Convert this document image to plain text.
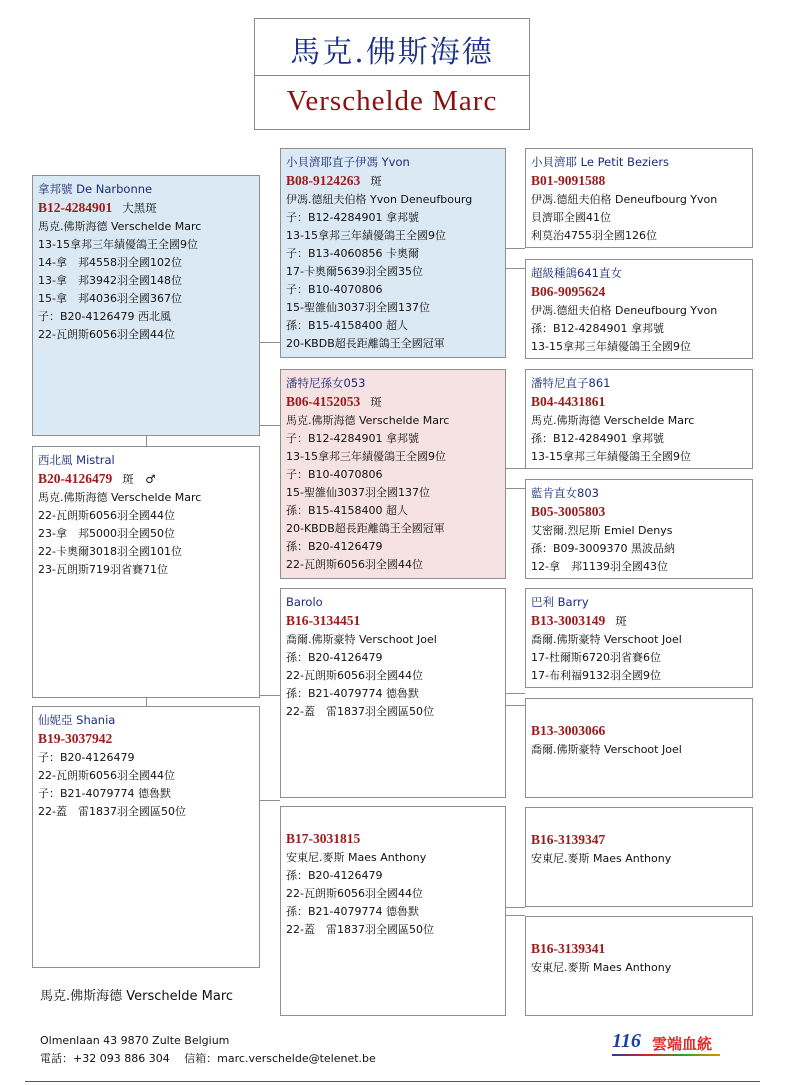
馬克.佛斯海德
Verschelde Marc
拿邦號 De Narbonne
B12-4284901 大黑斑
馬克.佛斯海德 Verschelde Marc
13-15拿邦三年績優鴿王全國9位
14-拿　邦4558羽全國102位
13-拿　邦3942羽全國148位
15-拿　邦4036羽全國367位
子：B20-4126479 西北風
22-瓦朗斯6056羽全國44位
西北風 Mistral
B20-4126479 斑　♂
馬克.佛斯海德 Verschelde Marc
22-瓦朗斯6056羽全國44位
23-拿　邦5000羽全國50位
22-卡奧爾3018羽全國101位
23-瓦朗斯719羽省賽71位
仙妮亞 Shania
B19-3037942
子：B20-4126479
22-瓦朗斯6056羽全國44位
子：B21-4079774 德魯默
22-蓋　雷1837羽全國區50位
小貝濟耶直子伊馮 Yvon
B08-9124263 斑
伊馮.德紐夫伯格 Yvon Deneufbourg
子：B12-4284901 拿邦號
13-15拿邦三年績優鴿王全國9位
子：B13-4060856 卡奧爾
17-卡奧爾5639羽全國35位
子：B10-4070806
15-聖雒仙3037羽全國137位
孫：B15-4158400 超人
20-KBDB超長距離鴿王全國冠軍
潘特尼孫女053
B06-4152053 斑
馬克.佛斯海德 Verschelde Marc
子：B12-4284901 拿邦號
13-15拿邦三年績優鴿王全國9位
子：B10-4070806
15-聖雒仙3037羽全國137位
孫：B15-4158400 超人
20-KBDB超長距離鴿王全國冠軍
孫：B20-4126479
22-瓦朗斯6056羽全國44位
Barolo
B16-3134451
喬爾.佛斯豪特 Verschoot Joel
孫：B20-4126479
22-瓦朗斯6056羽全國44位
孫：B21-4079774 德魯默
22-蓋　雷1837羽全國區50位
B17-3031815
安東尼.麥斯 Maes Anthony
孫：B20-4126479
22-瓦朗斯6056羽全國44位
孫：B21-4079774 德魯默
22-蓋　雷1837羽全國區50位
小貝濟耶 Le Petit Beziers
B01-9091588
伊馮.德紐夫伯格 Deneufbourg Yvon
貝濟耶全國41位
利莫治4755羽全國126位
超級種鴿641直女
B06-9095624
伊馮.德紐夫伯格 Deneufbourg Yvon
孫：B12-4284901 拿邦號
13-15拿邦三年績優鴿王全國9位
潘特尼直子861
B04-4431861
馬克.佛斯海德 Verschelde Marc
孫：B12-4284901 拿邦號
13-15拿邦三年績優鴿王全國9位
藍肯直女803
B05-3005803
艾密爾.烈尼斯 Emiel Denys
孫：B09-3009370 黑波品納
12-拿　邦1139羽全國43位
巴利 Barry
B13-3003149 斑
喬爾.佛斯豪特 Verschoot Joel
17-杜爾斯6720羽省賽6位
17-布利福9132羽全國9位
B13-3003066
喬爾.佛斯豪特 Verschoot Joel
B16-3139347
安東尼.麥斯 Maes Anthony
B16-3139341
安東尼.麥斯 Maes Anthony
馬克.佛斯海德 Verschelde Marc
Olmenlaan 43 9870 Zulte Belgium
電話：+32 093 886 304　 信箱：marc.verschelde@telenet.be
116 雲端血統
